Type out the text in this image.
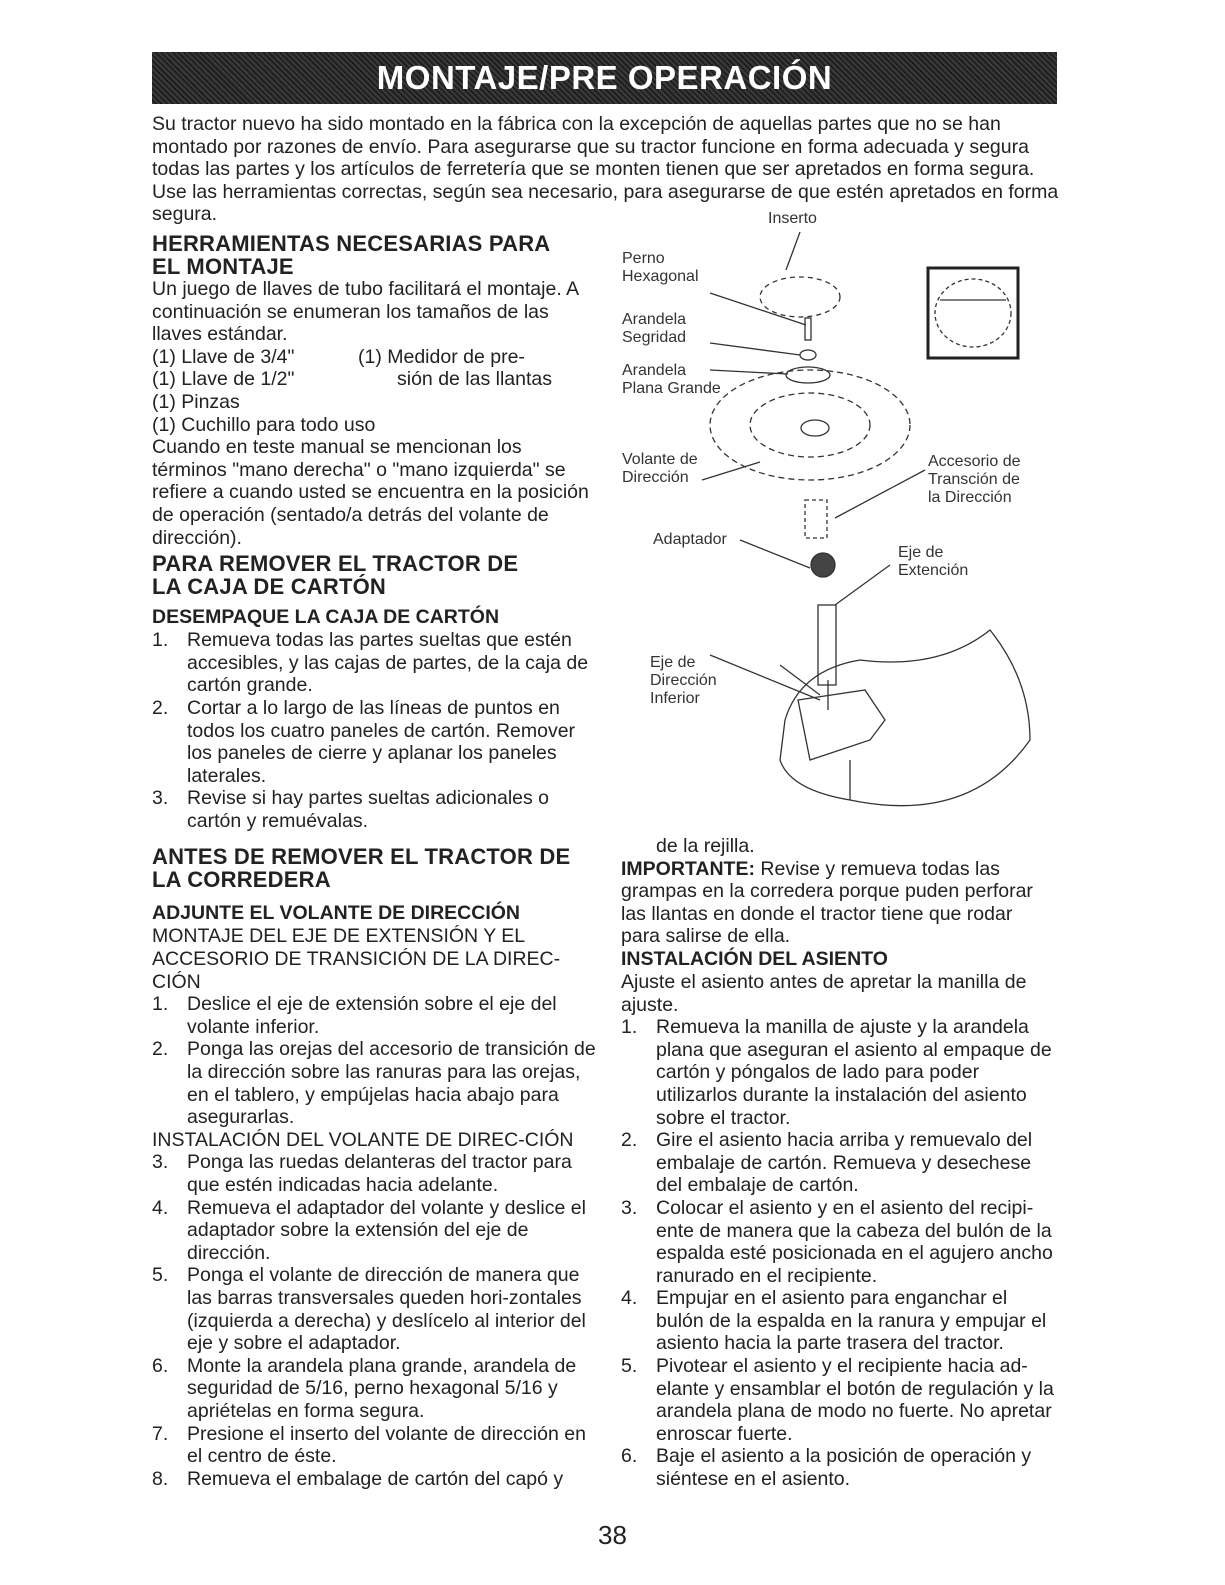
MONTAJE/PRE OPERACIÓN

Su tractor nuevo ha sido montado en la fábrica con la excepción de aquellas partes que no se han montado por razones de envío. Para asegurarse que su tractor funcione en forma adecuada y segura todas las partes y los artículos de ferretería que se monten tienen que ser apretados en forma segura. Use las herramientas correctas, según sea necesario, para asegurarse de que estén apretados en forma segura.

HERRAMIENTAS NECESARIAS PARA
EL MONTAJE

Un juego de llaves de tubo facilitará el montaje. A continuación se enumeran los tamaños de las llaves estándar.

(1) Llave de 3/4"	(1) Medidor de pre-
(1) Llave de 1/2"	sión de las llantas
(1) Pinzas
(1) Cuchillo para todo uso

Cuando en teste manual se mencionan los términos "mano derecha" o "mano izquierda" se refiere a cuando usted se encuentra en la posición de operación (sentado/a detrás del volante de dirección).

PARA REMOVER EL TRACTOR DE
LA CAJA DE CARTÓN
DESEMPAQUE LA CAJA DE CARTÓN
1. Remueva todas las partes sueltas que estén accesibles, y las cajas de partes, de la caja de cartón grande.
2. Cortar a lo largo de las líneas de puntos en todos los cuatro paneles de cartón. Remover los paneles de cierre y aplanar los paneles laterales.
3. Revise si hay partes sueltas adicionales o cartón y remuévalas.
ANTES DE REMOVER EL TRACTOR DE
LA CORREDERA
ADJUNTE EL VOLANTE DE DIRECCIÓN

MONTAJE DEL EJE DE EXTENSIÓN Y EL ACCESORIO DE TRANSICIÓN DE LA DIREC-CIÓN

1. Deslice el eje de extensión sobre el eje del volante inferior.
2. Ponga las orejas del accesorio de transición de la dirección sobre las ranuras para las orejas, en el tablero, y empújelas hacia abajo para asegurarlas.

INSTALACIÓN DEL VOLANTE DE DIREC-CIÓN

3. Ponga las ruedas delanteras del tractor para que estén indicadas hacia adelante.
4. Remueva el adaptador del volante y deslice el adaptador sobre la extensión del eje de dirección.
5. Ponga el volante de dirección de manera que las barras transversales queden hori-zontales (izquierda a derecha) y deslícelo al interior del eje y sobre el adaptador.
6. Monte la arandela plana grande, arandela de seguridad de 5/16, perno hexagonal 5/16 y apriételas en forma segura.
7. Presione el inserto del volante de dirección en el centro de éste.
8. Remueva el embalage de cartón del capó y
Inserto
Perno
Hexagonal
Arandela
Segridad
Arandela
Plana Grande
Volante de
Dirección
Accesorio de
Transción de
la Dirección
Adaptador
Eje de
Extención
Eje de
Dirección
Inferior

de la rejilla.

IMPORTANTE: Revise y remueva todas las grampas en la corredera porque puden perforar las llantas en donde el tractor tiene que rodar para salirse de ella.

INSTALACIÓN DEL ASIENTO

Ajuste el asiento antes de apretar la manilla de ajuste.

1. Remueva la manilla de ajuste y la arandela plana que aseguran el asiento al empaque de cartón y póngalos de lado para poder utilizarlos durante la instalación del asiento sobre el tractor.
2. Gire el asiento hacia arriba y remuevalo del embalaje de cartón. Remueva y desechese del embalaje de cartón.
3. Colocar el asiento y en el asiento del recipi-ente de manera que la cabeza del bulón de la espalda esté posicionada en el agujero ancho ranurado en el recipiente.
4. Empujar en el asiento para enganchar el bulón de la espalda en la ranura y empujar el asiento hacia la parte trasera del tractor.
5. Pivotear el asiento y el recipiente hacia ad-elante y ensamblar el botón de regulación y la arandela plana de modo no fuerte. No apretar enroscar fuerte.
6. Baje el asiento a la posición de operación y siéntese en el asiento.
38
